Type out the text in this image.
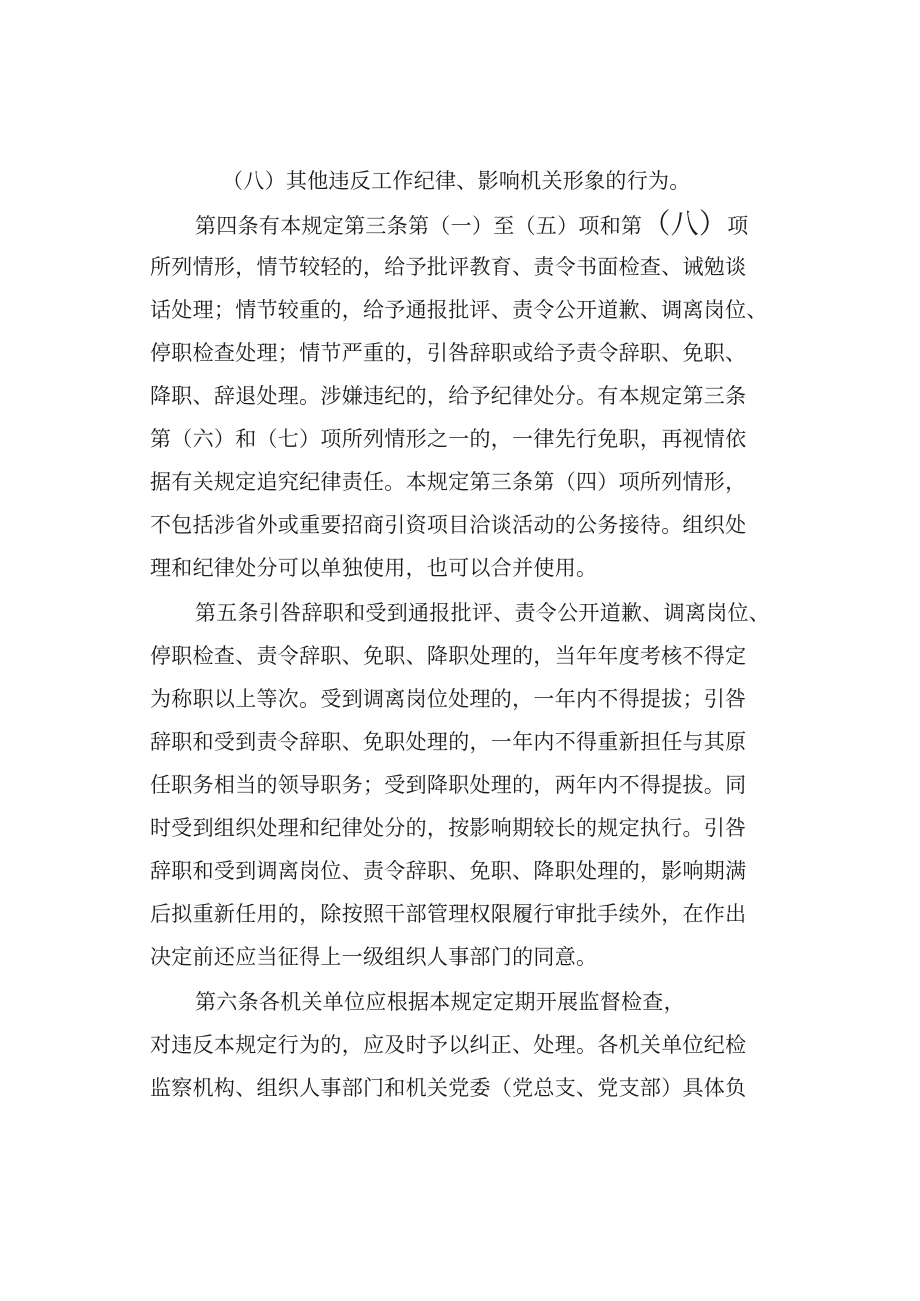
（八）其他违反工作纪律、影响机关形象的行为。
第四条有本规定第三条第（一）至（五）项和第（八）项
所列情形，情节较轻的，给予批评教育、责令书面检查、诫勉谈
话处理；情节较重的，给予通报批评、责令公开道歉、调离岗位、
停职检查处理；情节严重的，引咎辞职或给予责令辞职、免职、
降职、辞退处理。涉嫌违纪的，给予纪律处分。有本规定第三条
第（六）和（七）项所列情形之一的，一律先行免职，再视情依
据有关规定追究纪律责任。本规定第三条第（四）项所列情形，
不包括涉省外或重要招商引资项目洽谈活动的公务接待。组织处
理和纪律处分可以单独使用，也可以合并使用。
第五条引咎辞职和受到通报批评、责令公开道歉、调离岗位、
停职检查、责令辞职、免职、降职处理的，当年年度考核不得定
为称职以上等次。受到调离岗位处理的，一年内不得提拔；引咎
辞职和受到责令辞职、免职处理的，一年内不得重新担任与其原
任职务相当的领导职务；受到降职处理的，两年内不得提拔。同
时受到组织处理和纪律处分的，按影响期较长的规定执行。引咎
辞职和受到调离岗位、责令辞职、免职、降职处理的，影响期满
后拟重新任用的，除按照干部管理权限履行审批手续外，在作出
决定前还应当征得上一级组织人事部门的同意。
第六条各机关单位应根据本规定定期开展监督检查，
对违反本规定行为的，应及时予以纠正、处理。各机关单位纪检
监察机构、组织人事部门和机关党委（党总支、党支部）具体负
